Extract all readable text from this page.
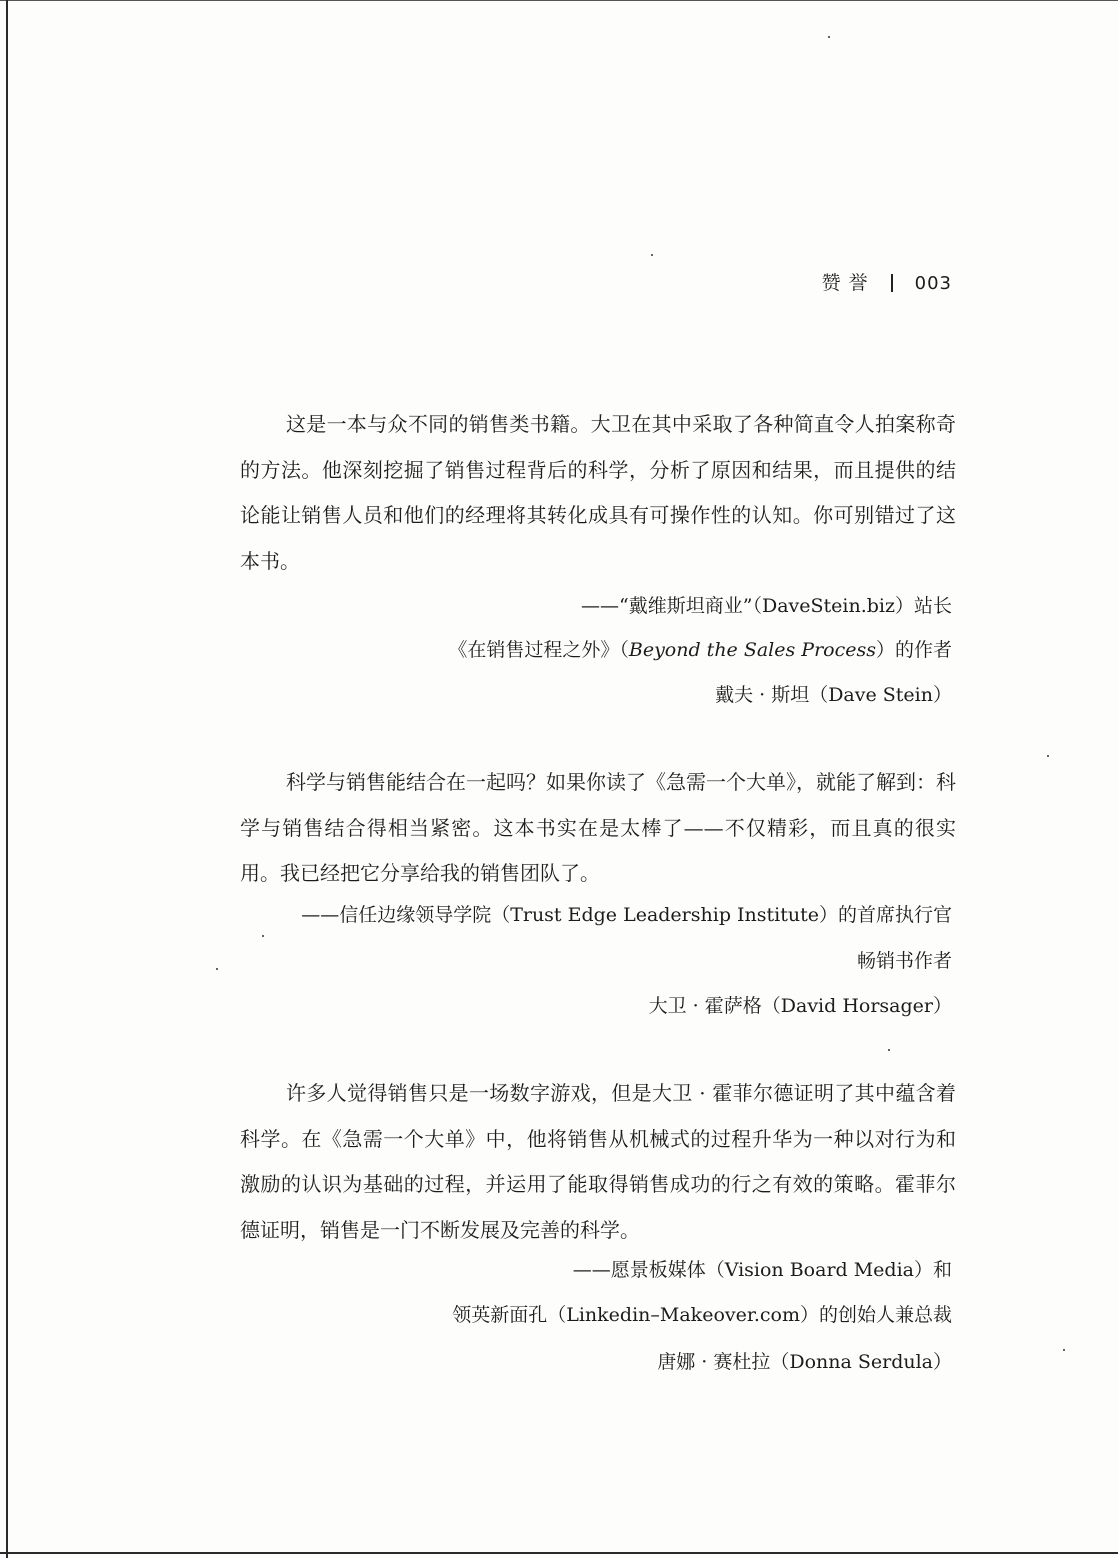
赞 誉	003

这是一本与众不同的销售类书籍。大卫在其中采取了各种简直令人拍案称奇的方法。他深刻挖掘了销售过程背后的科学，分析了原因和结果，而且提供的结论能让销售人员和他们的经理将其转化成具有可操作性的认知。你可别错过了这本书。

——“戴维斯坦商业”（DaveStein.biz）站长

《在销售过程之外》（Beyond the Sales Process）的作者

戴夫 · 斯坦（Dave Stein）

科学与销售能结合在一起吗？如果你读了《急需一个大单》，就能了解到：科学与销售结合得相当紧密。这本书实在是太棒了——不仅精彩，而且真的很实用。我已经把它分享给我的销售团队了。

——信任边缘领导学院（Trust Edge Leadership Institute）的首席执行官

畅销书作者

大卫 · 霍萨格（David Horsager）

许多人觉得销售只是一场数字游戏，但是大卫 · 霍菲尔德证明了其中蕴含着科学。在《急需一个大单》中，他将销售从机械式的过程升华为一种以对行为和激励的认识为基础的过程，并运用了能取得销售成功的行之有效的策略。霍菲尔德证明，销售是一门不断发展及完善的科学。

——愿景板媒体（Vision Board Media）和

领英新面孔（Linkedin–Makeover.com）的创始人兼总裁

唐娜 · 赛杜拉（Donna Serdula）
